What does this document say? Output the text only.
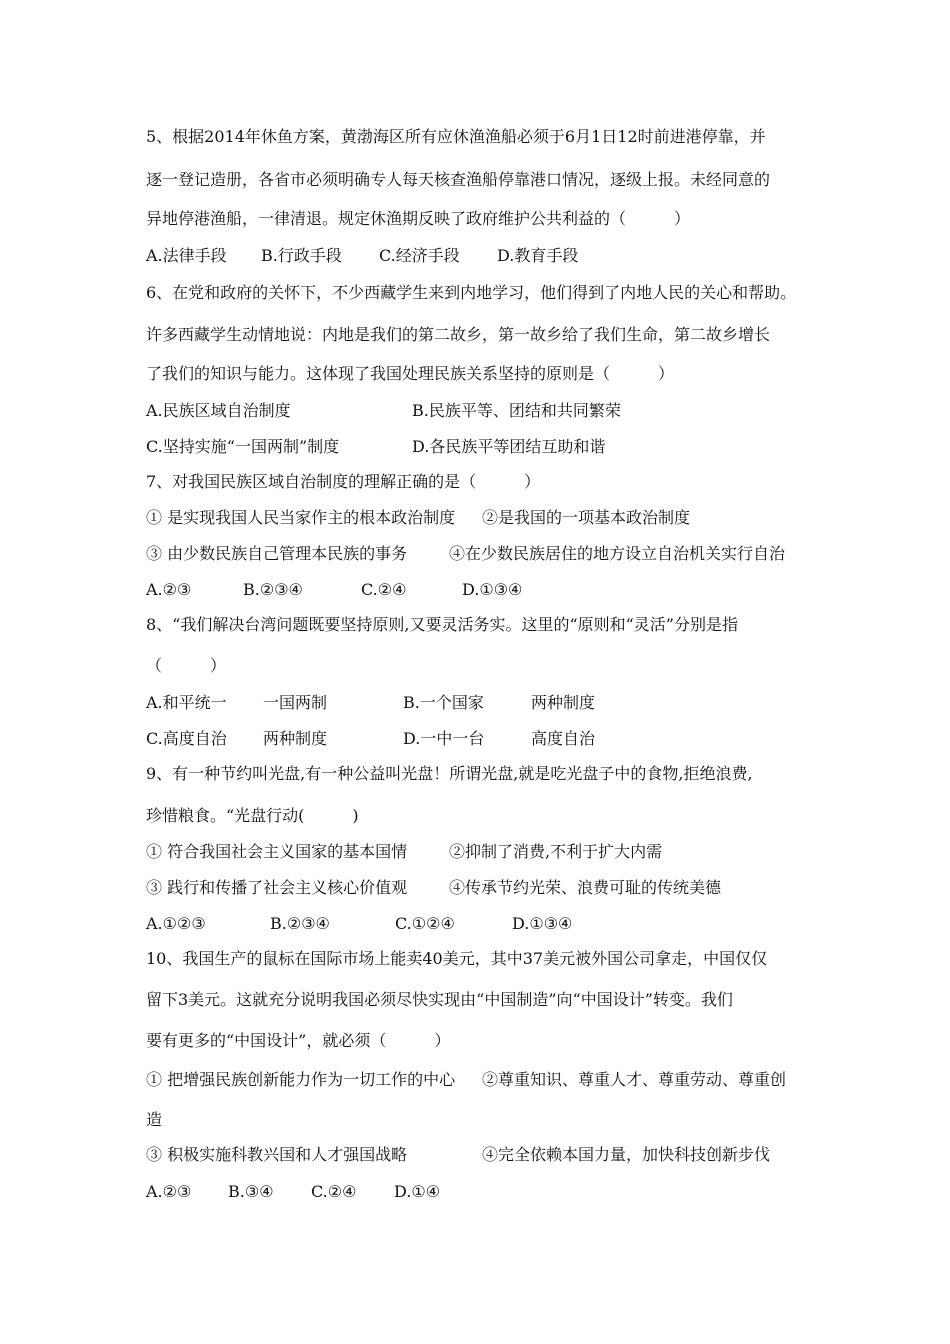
5、根据2014年休鱼方案，黄渤海区所有应休渔渔船必须于6月1日12时前进港停靠，并
逐一登记造册，各省市必须明确专人每天核查渔船停靠港口情况，逐级上报。未经同意的
异地停港渔船，一律清退。规定休渔期反映了政府维护公共利益的（　　　）
A.法律手段 B.行政手段 C.经济手段 D.教育手段
6、在党和政府的关怀下，不少西藏学生来到内地学习，他们得到了内地人民的关心和帮助。
许多西藏学生动情地说：内地是我们的第二故乡，第一故乡给了我们生命，第二故乡增长
了我们的知识与能力。这体现了我国处理民族关系坚持的原则是（　　　）
A.民族区域自治制度	B.民族平等、团结和共同繁荣
C.坚持实施“一国两制”制度	D.各民族平等团结互助和谐
7、对我国民族区域自治制度的理解正确的是（　　　）
① 是实现我国人民当家作主的根本政治制度 ②是我国的一项基本政治制度
③ 由少数民族自己管理本民族的事务	④在少数民族居住的地方设立自治机关实行自治
A.②③	B.②③④	C.②④	D.①③④
8、“我们解决台湾问题既要坚持原则,又要灵活务实。这里的“原则和“灵活”分别是指
（　　　）
A.和平统一 一国两制	B.一个国家	两种制度
C.高度自治 两种制度	D.一中一台	高度自治
9、有一种节约叫光盘,有一种公益叫光盘！所谓光盘,就是吃光盘子中的食物,拒绝浪费,
珍惜粮食。“光盘行动(　　　)
① 符合我国社会主义国家的基本国情	②抑制了消费,不利于扩大内需
③ 践行和传播了社会主义核心价值观	④传承节约光荣、浪费可耻的传统美德
A.①②③	B.②③④	C.①②④	D.①③④
10、我国生产的鼠标在国际市场上能卖40美元，其中37美元被外国公司拿走，中国仅仅
留下3美元。这就充分说明我国必须尽快实现由“中国制造”向“中国设计”转变。我们
要有更多的“中国设计”，就必须（　　　）
① 把增强民族创新能力作为一切工作的中心 ②尊重知识、尊重人才、尊重劳动、尊重创
造
③ 积极实施科教兴国和人才强国战略	④完全依赖本国力量，加快科技创新步伐
A.②③ B.③④ C.②④ D.①④
